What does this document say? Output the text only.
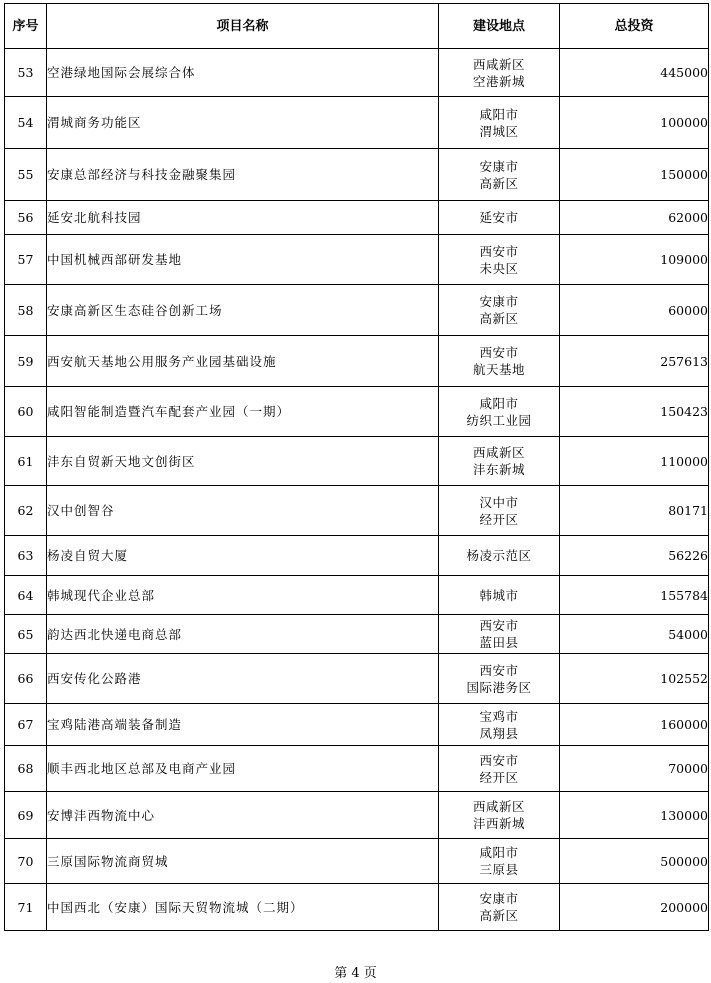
序号	项目名称	建设地点	总投资
53	空港绿地国际会展综合体	西咸新区
空港新城	445000
54	渭城商务功能区	咸阳市
渭城区	100000
55	安康总部经济与科技金融聚集园	安康市
高新区	150000
56	延安北航科技园	延安市	62000
57	中国机械西部研发基地	西安市
未央区	109000
58	安康高新区生态硅谷创新工场	安康市
高新区	60000
59	西安航天基地公用服务产业园基础设施	西安市
航天基地	257613
60	咸阳智能制造暨汽车配套产业园（一期）	咸阳市
纺织工业园	150423
61	沣东自贸新天地文创街区	西咸新区
沣东新城	110000
62	汉中创智谷	汉中市
经开区	80171
63	杨凌自贸大厦	杨凌示范区	56226
64	韩城现代企业总部	韩城市	155784
65	韵达西北快递电商总部	西安市
蓝田县	54000
66	西安传化公路港	西安市
国际港务区	102552
67	宝鸡陆港高端装备制造	宝鸡市
凤翔县	160000
68	顺丰西北地区总部及电商产业园	西安市
经开区	70000
69	安博沣西物流中心	西咸新区
沣西新城	130000
70	三原国际物流商贸城	咸阳市
三原县	500000
71	中国西北（安康）国际天贸物流城（二期）	安康市
高新区	200000
第 4 页
